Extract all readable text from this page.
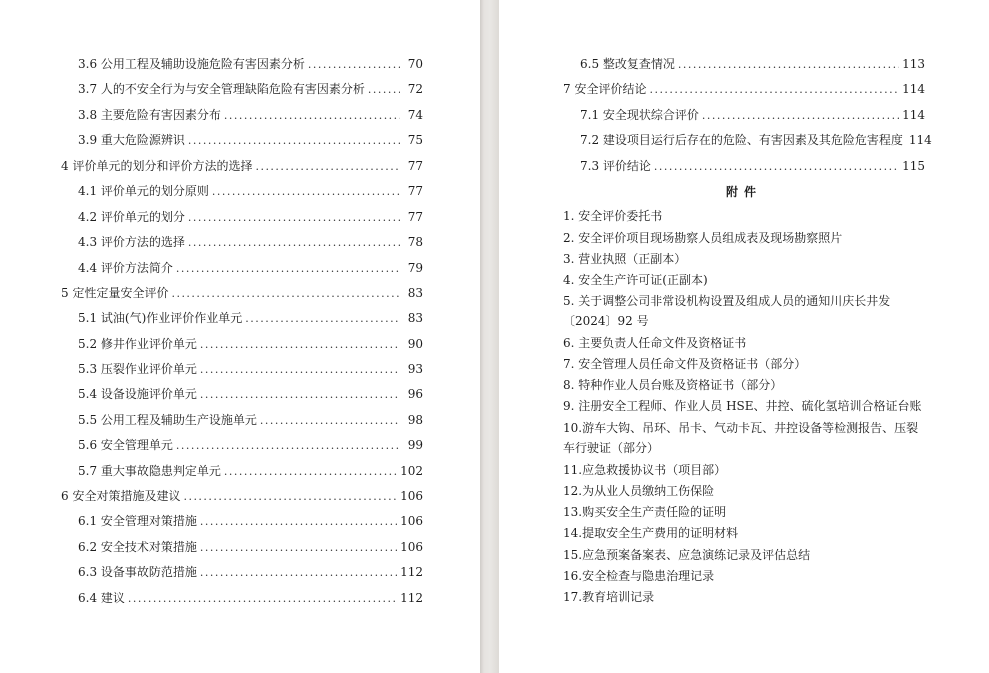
3.6 公用工程及辅助设施危险有害因素分析 . . .	70
3.7 人的不安全行为与安全管理缺陷危险有害因素分析 . . .	72
3.8 主要危险有害因素分布 . . .	74
3.9 重大危险源辨识 . . .	75
4 评价单元的划分和评价方法的选择 . . .	77
4.1 评价单元的划分原则 . . .	77
4.2 评价单元的划分 . . .	77
4.3 评价方法的选择 . . .	78
4.4 评价方法简介 . . .	79
5 定性定量安全评价 . . .	83
5.1 试油(气)作业评价作业单元 . . .	83
5.2 修井作业评价单元 . . .	90
5.3 压裂作业评价单元 . . .	93
5.4 设备设施评价单元 . . .	96
5.5 公用工程及辅助生产设施单元 . . .	98
5.6 安全管理单元 . . .	99
5.7 重大事故隐患判定单元 . . .	102
6 安全对策措施及建议 . . .	106
6.1 安全管理对策措施 . . .	106
6.2 安全技术对策措施 . . .	106
6.3 设备事故防范措施 . . .	112
6.4 建议 . . .	112
6.5 整改复查情况 . . .	113
7 安全评价结论 . . .	114
7.1 安全现状综合评价 . . .	114
7.2 建设项目运行后存在的危险、有害因素及其危险危害程度 114
7.3 评价结论 . . .	115
附件
1. 安全评价委托书
2. 安全评价项目现场勘察人员组成表及现场勘察照片
3. 营业执照（正副本）
4. 安全生产许可证(正副本)
5. 关于调整公司非常设机构设置及组成人员的通知川庆长井发〔2024〕92 号
6. 主要负责人任命文件及资格证书
7. 安全管理人员任命文件及资格证书（部分）
8. 特种作业人员台账及资格证书（部分）
9. 注册安全工程师、作业人员 HSE、井控、硫化氢培训合格证台账
10.游车大钩、吊环、吊卡、气动卡瓦、井控设备等检测报告、压裂车行驶证（部分）
11.应急救援协议书（项目部）
12.为从业人员缴纳工伤保险
13.购买安全生产责任险的证明
14.提取安全生产费用的证明材料
15.应急预案备案表、应急演练记录及评估总结
16.安全检查与隐患治理记录
17.教育培训记录
